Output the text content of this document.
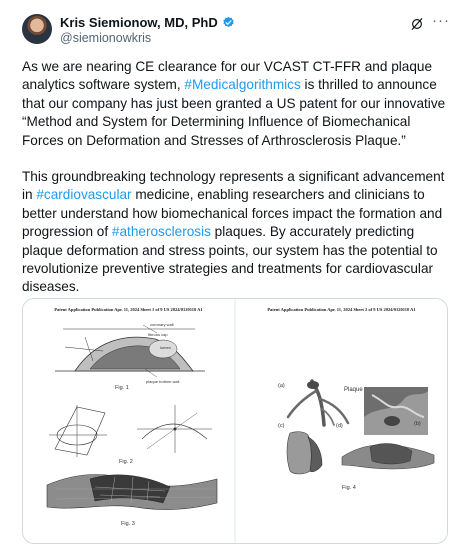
Kris Siemionow, MD, PhD
@siemionowkris
···

As we are nearing CE clearance for our VCAST CT-FFR and plaque analytics software system, #Medicalgorithmics is thrilled to announce that our company has just been granted a US patent for our innovative “Method and System for Determining Influence of Biomechanical Forces on Deformation and Stresses of Arthrosclerosis Plaque.”

This groundbreaking technology represents a significant advancement in #cardiovascular medicine, enabling researchers and clinicians to better understand how biomechanical forces impact the formation and progression of #atherosclerosis plaques. By accurately predicting plaque deformation and stress points, our system has the potential to revolutionize preventive strategies and treatments for cardiovascular diseases.

Patent Application Publication Apr. 11, 2024 Sheet 1 of 9 US 2024/0120110 A1
coronary wall
fibrous cap
lumen
plaque bottom wall
Fig. 1
Fig. 2
Fig. 3
Patent Application Publication Apr. 11, 2024 Sheet 2 of 9 US 2024/0120110 A1
(a)
Plaque
(b)
(c)	(d)
Fig. 4
